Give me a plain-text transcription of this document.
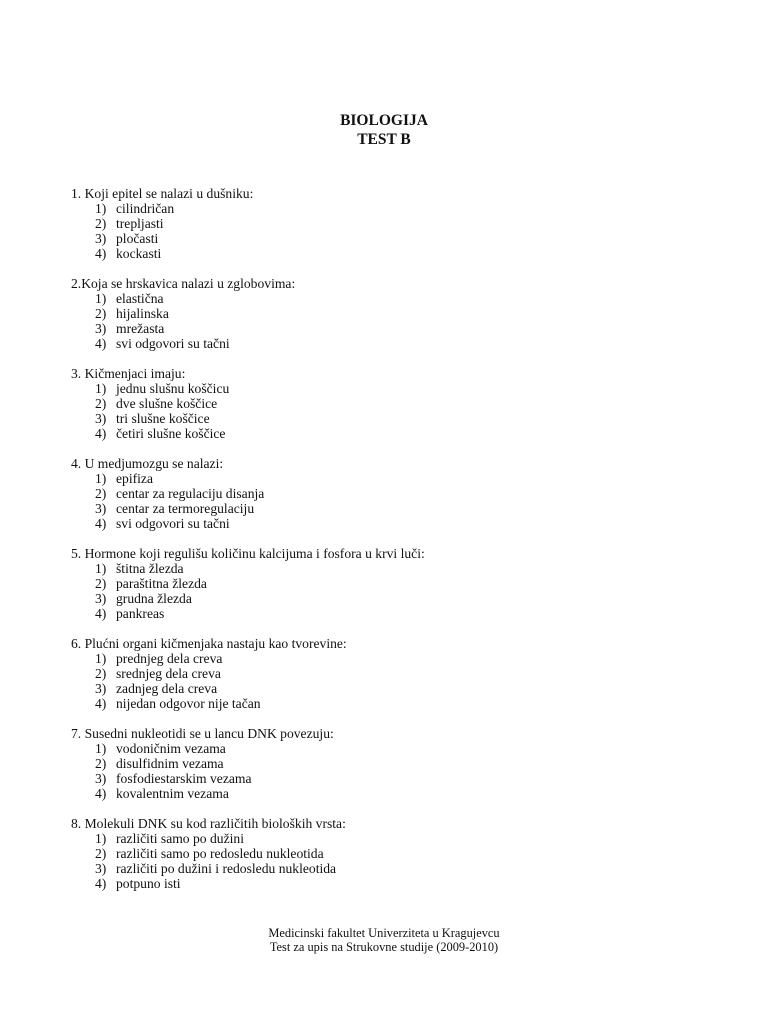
BIOLOGIJA
TEST B
1. Koji epitel se nalazi u dušniku:
1) cilindričan
2) trepljasti
3) pločasti
4) kockasti
2.Koja se hrskavica nalazi u zglobovima:
1) elastična
2) hijalinska
3) mrežasta
4) svi odgovori su tačni
3. Kičmenjaci imaju:
1) jednu slušnu koščicu
2) dve slušne koščice
3) tri slušne koščice
4) četiri slušne koščice
4. U medjumozgu se nalazi:
1) epifiza
2) centar za regulaciju disanja
3) centar za termoregulaciju
4) svi odgovori su tačni
5. Hormone koji regulišu količinu kalcijuma i fosfora u krvi luči:
1) štitna žlezda
2) paraštitna žlezda
3) grudna žlezda
4) pankreas
6. Plućni organi kičmenjaka nastaju kao tvorevine:
1) prednjeg dela creva
2) srednjeg dela creva
3) zadnjeg dela creva
4) nijedan odgovor nije tačan
7. Susedni nukleotidi se u lancu DNK povezuju:
1) vodoničnim vezama
2) disulfidnim vezama
3) fosfodiestarskim vezama
4) kovalentnim vezama
8. Molekuli DNK su kod različitih bioloških vrsta:
1) različiti samo po dužini
2) različiti samo po redosledu nukleotida
3) različiti po dužini i redosledu nukleotida
4) potpuno isti
Medicinski fakultet Univerziteta u Kragujevcu
Test za upis na Strukovne studije (2009-2010)
